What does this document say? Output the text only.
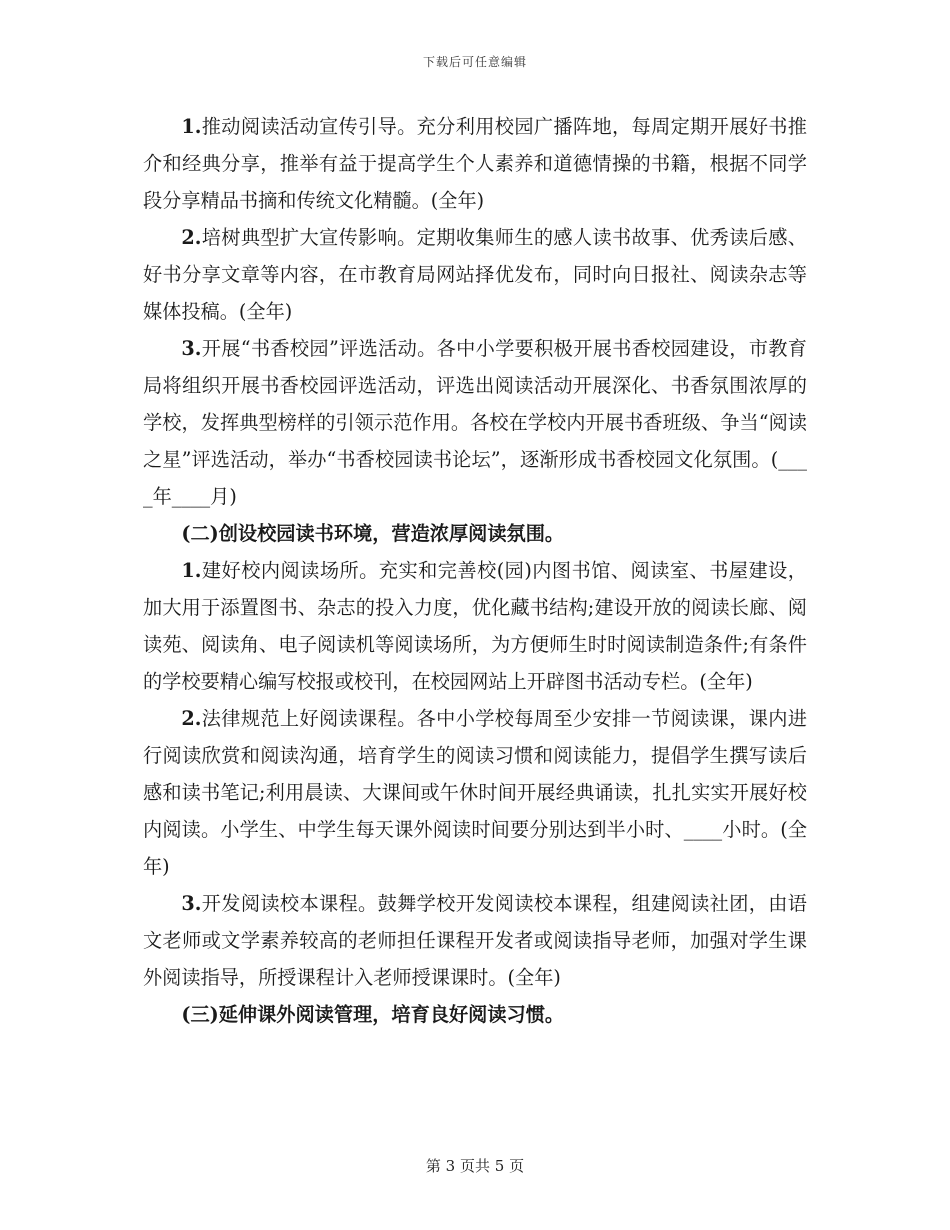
下载后可任意编辑

1.推动阅读活动宣传引导。充分利用校园广播阵地，每周定期开展好书推介和经典分享，推举有益于提高学生个人素养和道德情操的书籍，根据不同学段分享精品书摘和传统文化精髓。(全年)

2.培树典型扩大宣传影响。定期收集师生的感人读书故事、优秀读后感、好书分享文章等内容，在市教育局网站择优发布，同时向日报社、阅读杂志等媒体投稿。(全年)

3.开展“书香校园”评选活动。各中小学要积极开展书香校园建设，市教育局将组织开展书香校园评选活动，评选出阅读活动开展深化、书香氛围浓厚的学校，发挥典型榜样的引领示范作用。各校在学校内开展书香班级、争当“阅读之星”评选活动，举办“书香校园读书论坛”，逐渐形成书香校园文化氛围。(____年____月)

(二)创设校园读书环境，营造浓厚阅读氛围。

1.建好校内阅读场所。充实和完善校(园)内图书馆、阅读室、书屋建设，加大用于添置图书、杂志的投入力度，优化藏书结构;建设开放的阅读长廊、阅读苑、阅读角、电子阅读机等阅读场所，为方便师生时时阅读制造条件;有条件的学校要精心编写校报或校刊，在校园网站上开辟图书活动专栏。(全年)

2.法律规范上好阅读课程。各中小学校每周至少安排一节阅读课，课内进行阅读欣赏和阅读沟通，培育学生的阅读习惯和阅读能力，提倡学生撰写读后感和读书笔记;利用晨读、大课间或午休时间开展经典诵读，扎扎实实开展好校内阅读。小学生、中学生每天课外阅读时间要分别达到半小时、____小时。(全年)

3.开发阅读校本课程。鼓舞学校开发阅读校本课程，组建阅读社团，由语文老师或文学素养较高的老师担任课程开发者或阅读指导老师，加强对学生课外阅读指导，所授课程计入老师授课课时。(全年)

(三)延伸课外阅读管理，培育良好阅读习惯。

第 3 页共 5 页
